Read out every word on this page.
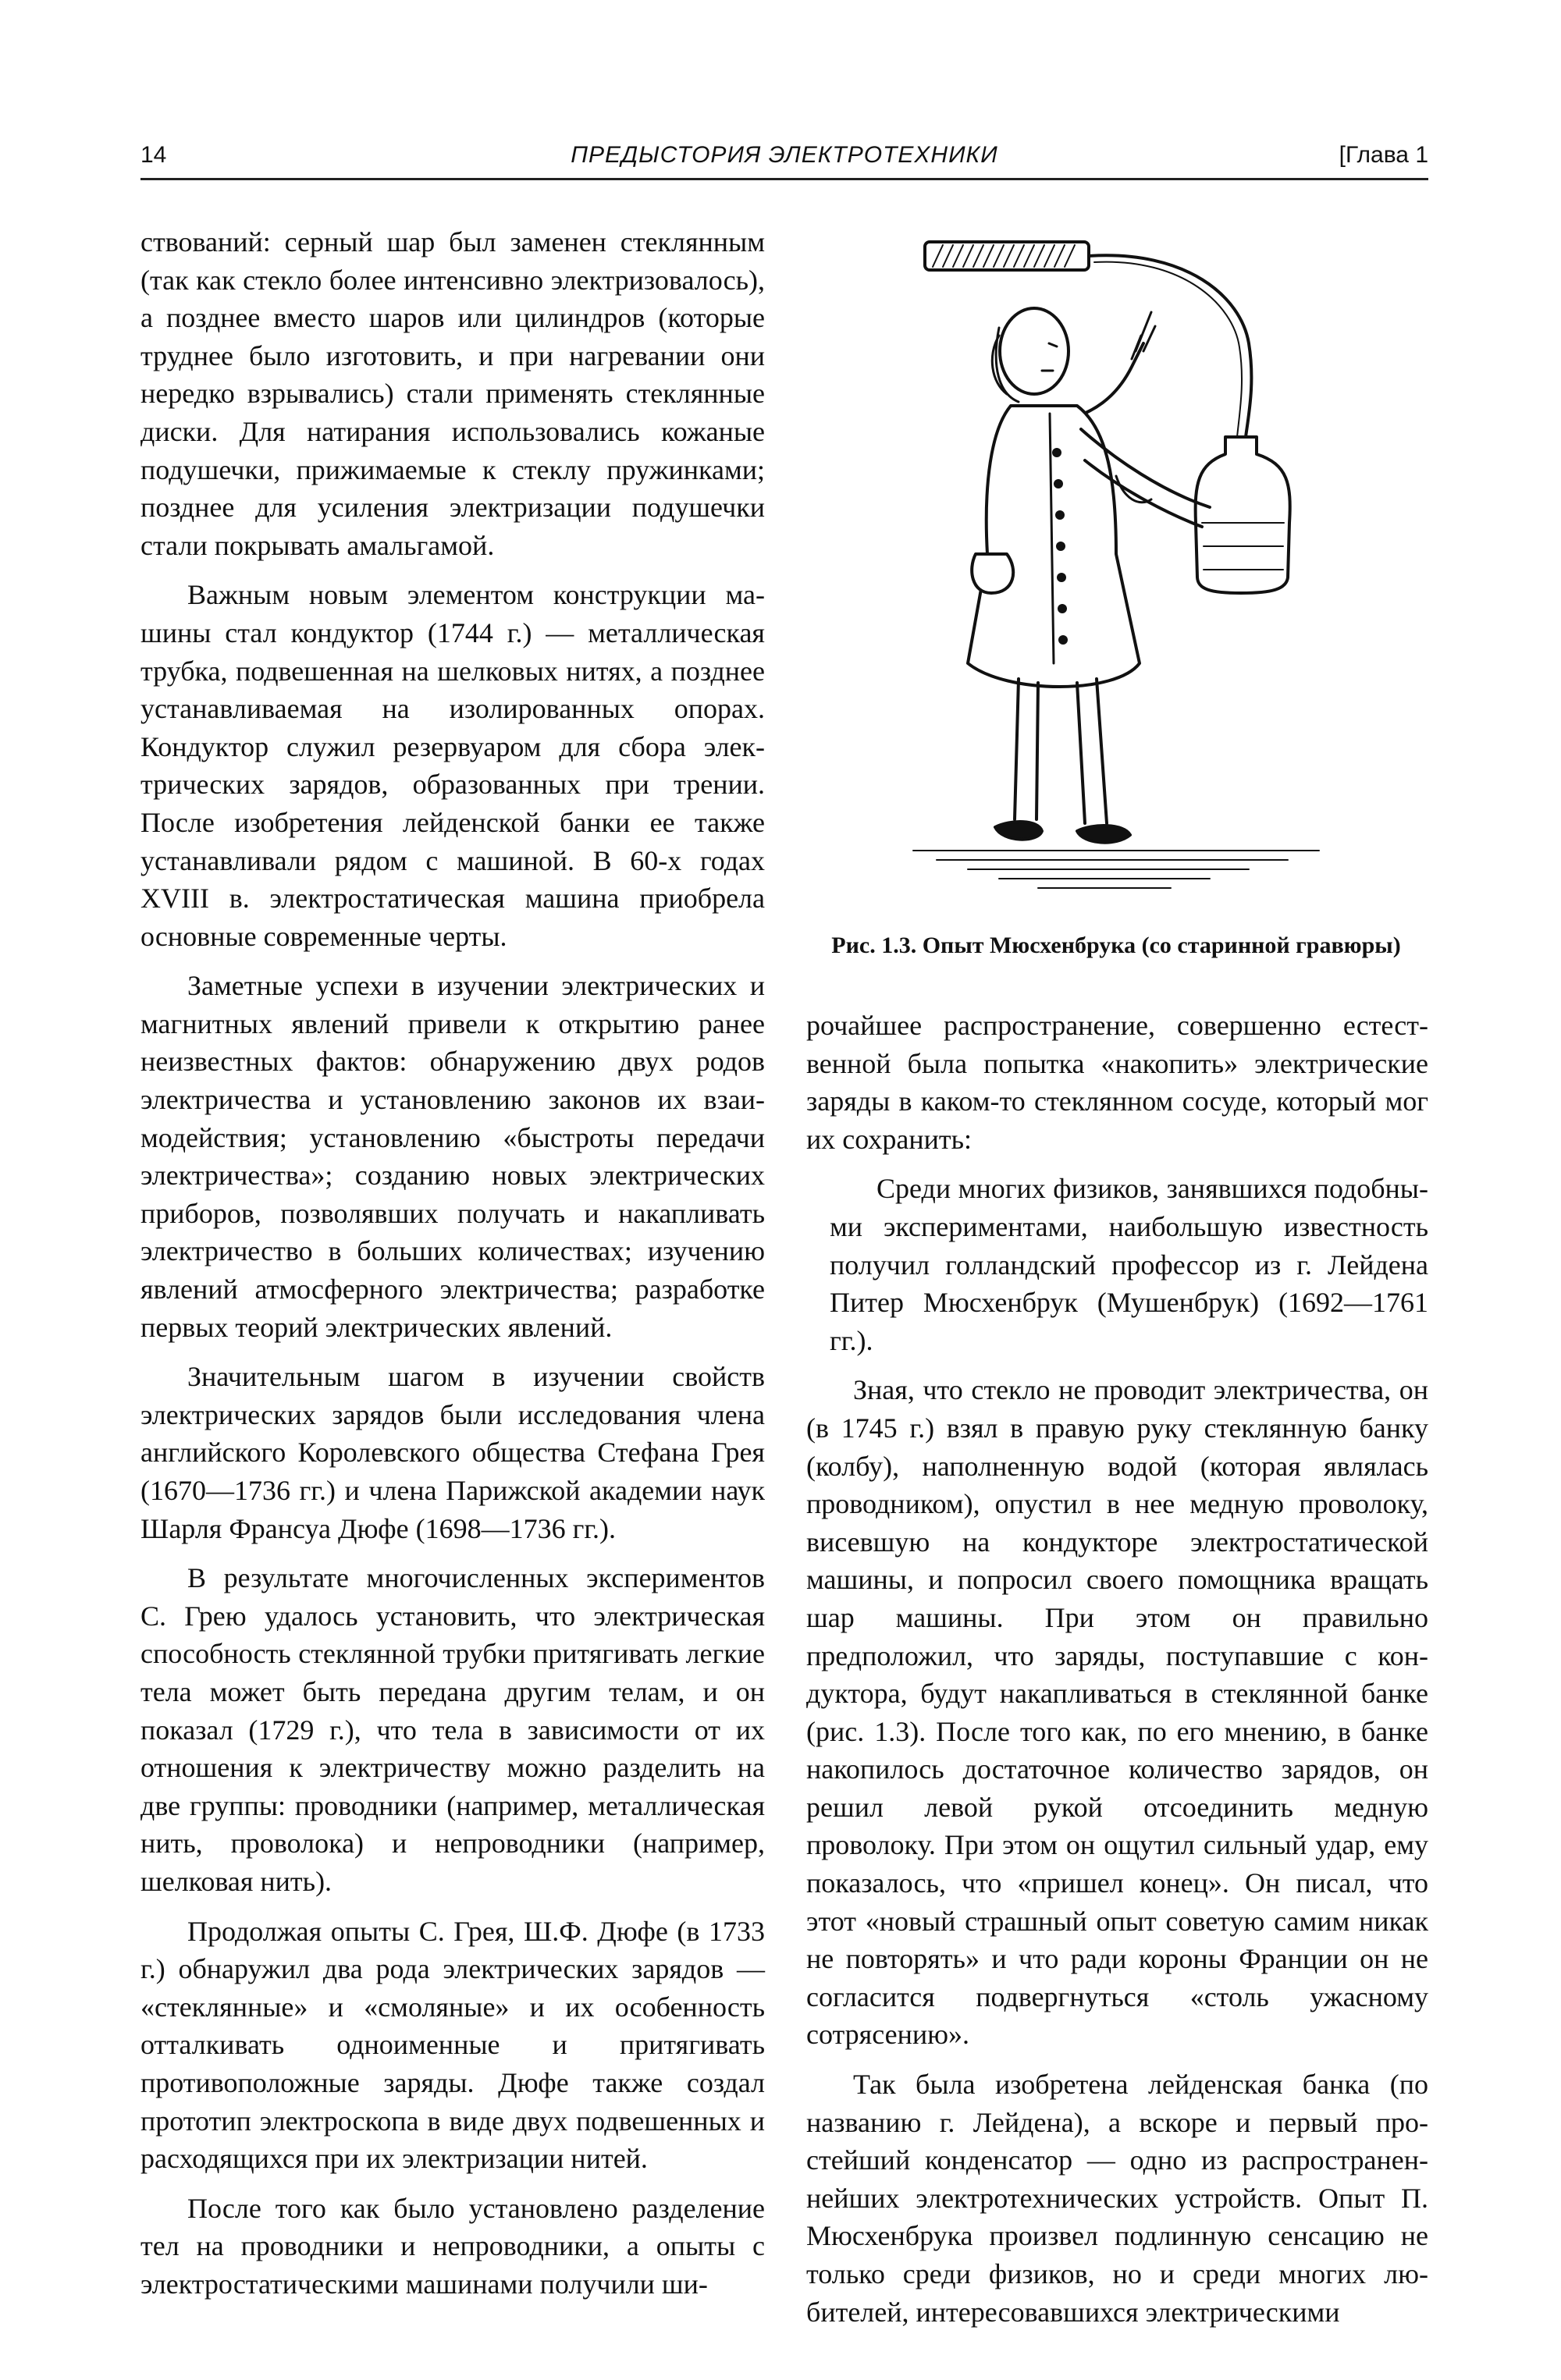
14	ПРЕДЫСТОРИЯ ЭЛЕКТРОТЕХНИКИ	[Глава 1

ствований: серный шар был заменен стеклянным (так как стекло более интенсивно электризовалось), а позднее вместо шаров или цилиндров (которые труднее было изготовить, и при нагревании они нередко взрывались) стали применять стеклянные диски. Для натирания использовались кожаные подушечки, прижимаемые к стеклу пружинками; позднее для усиления электризации подушечки стали покрывать амальгамой.

Важным новым элементом конструкции машины стал кондуктор (1744 г.) — металлическая трубка, подвешенная на шелковых нитях, а позднее устанавливаемая на изолированных опорах. Кондуктор служил резервуаром для сбора электрических зарядов, образованных при трении. После изобретения лейденской банки ее также устанавливали рядом с машиной. В 60-х годах XVIII в. электростатическая машина приобрела основные современные черты.

Заметные успехи в изучении электрических и магнитных явлений привели к открытию ранее неизвестных фактов: обнаружению двух родов электричества и установлению законов их взаимодействия; установлению «быстроты передачи электричества»; созданию новых электрических приборов, позволявших получать и накапливать электричество в больших количествах; изучению явлений атмосферного электричества; разработке первых теорий электрических явлений.

Значительным шагом в изучении свойств электрических зарядов были исследования члена английского Королевского общества Стефана Грея (1670—1736 гг.) и члена Парижской академии наук Шарля Франсуа Дюфе (1698—1736 гг.).

В результате многочисленных экспериментов С. Грею удалось установить, что электрическая способность стеклянной трубки притягивать легкие тела может быть передана другим телам, и он показал (1729 г.), что тела в зависимости от их отношения к электричеству можно разделить на две группы: проводники (например, металлическая нить, проволока) и непроводники (например, шелковая нить).

Продолжая опыты С. Грея, Ш.Ф. Дюфе (в 1733 г.) обнаружил два рода электрических зарядов — «стеклянные» и «смоляные» и их особенность отталкивать одноименные и притягивать противоположные заряды. Дюфе также создал прототип электроскопа в виде двух подвешенных и расходящихся при их электризации нитей.

После того как было установлено разделение тел на проводники и непроводники, а опыты с электростатическими машинами получили ши-

Рис. 1.3. Опыт Мюсхенбрука (со старинной гравюры)

рочайшее распространение, совершенно естественной была попытка «накопить» электрические заряды в каком-то стеклянном сосуде, который мог их сохранить:

Среди многих физиков, занявшихся подобными экспериментами, наибольшую известность получил голландский профессор из г. Лейдена Питер Мюсхенбрук (Мушенбрук) (1692—1761 гг.).

Зная, что стекло не проводит электричества, он (в 1745 г.) взял в правую руку стеклянную банку (колбу), наполненную водой (которая являлась проводником), опустил в нее медную проволоку, висевшую на кондукторе электростатической машины, и попросил своего помощника вращать шар машины. При этом он правильно предположил, что заряды, поступавшие с кондуктора, будут накапливаться в стеклянной банке (рис. 1.3). После того как, по его мнению, в банке накопилось достаточное количество зарядов, он решил левой рукой отсоединить медную проволоку. При этом он ощутил сильный удар, ему показалось, что «пришел конец». Он писал, что этот «новый страшный опыт советую самим никак не повторять» и что ради короны Франции он не согласится подвергнуться «столь ужасному сотрясению».

Так была изобретена лейденская банка (по названию г. Лейдена), а вскоре и первый простейший конденсатор — одно из распространеннейших электротехнических устройств. Опыт П. Мюсхенбрука произвел подлинную сенсацию не только среди физиков, но и среди многих любителей, интересовавшихся электрическими
